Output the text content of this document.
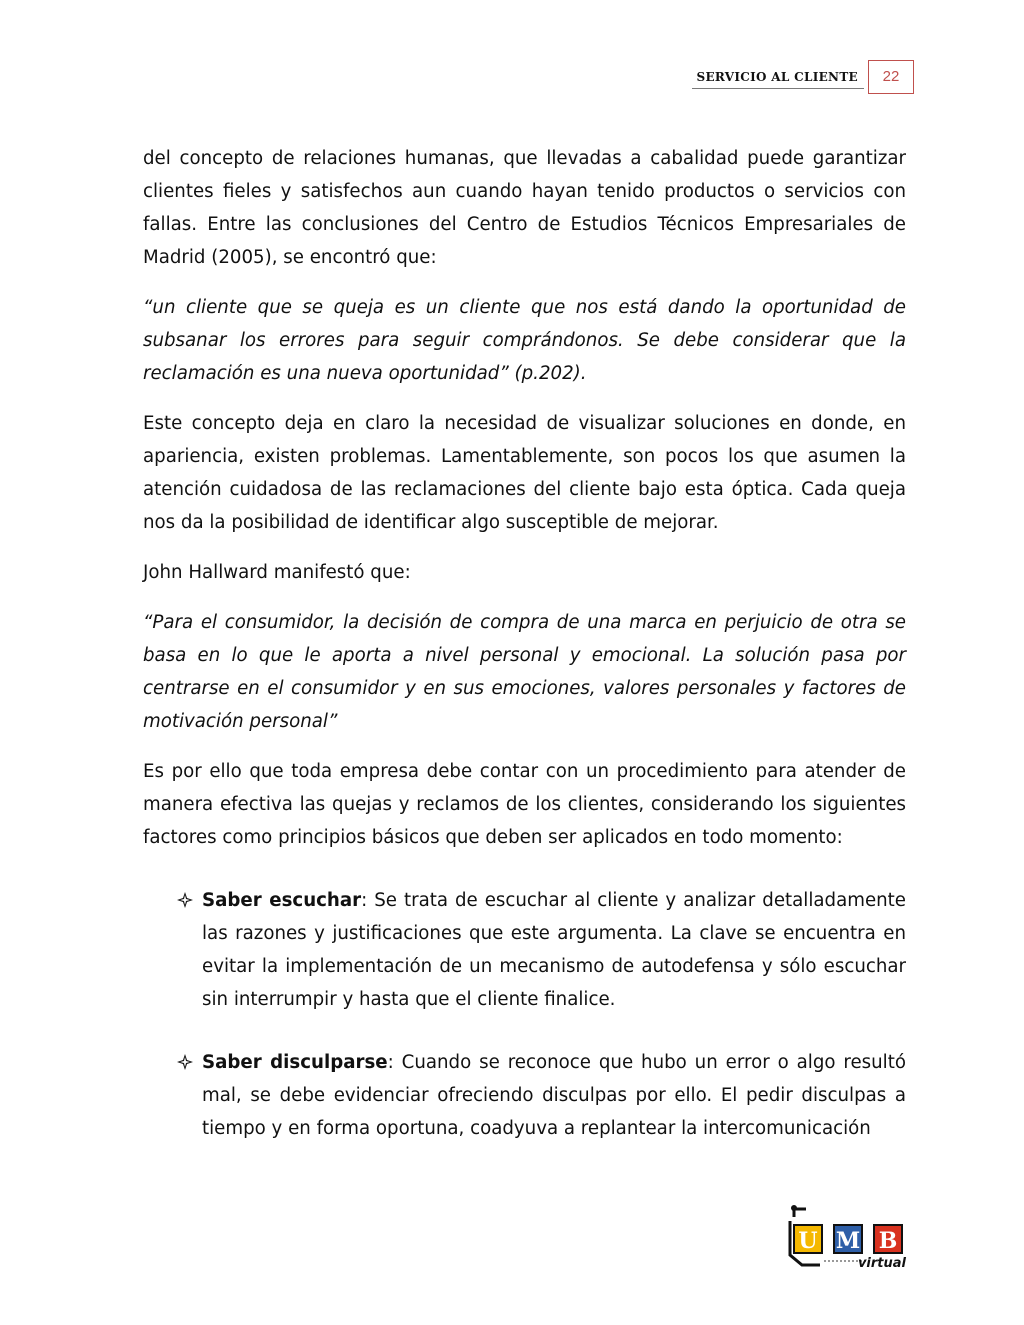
SERVICIO AL CLIENTE	22

del concepto de relaciones humanas, que llevadas a cabalidad puede garantizar clientes fieles y satisfechos aun cuando hayan tenido productos o servicios con fallas. Entre las conclusiones del Centro de Estudios Técnicos Empresariales de Madrid (2005), se encontró que:

“un cliente que se queja es un cliente que nos está dando la oportunidad de subsanar los errores para seguir comprándonos. Se debe considerar que la reclamación es una nueva oportunidad” (p.202).

Este concepto deja en claro la necesidad de visualizar soluciones en donde, en apariencia, existen problemas. Lamentablemente, son pocos los que asumen la atención cuidadosa de las reclamaciones del cliente bajo esta óptica. Cada queja nos da la posibilidad de identificar algo susceptible de mejorar.

John Hallward manifestó que:

“Para el consumidor, la decisión de compra de una marca en perjuicio de otra se basa en lo que le aporta a nivel personal y emocional. La solución pasa por centrarse en el consumidor y en sus emociones, valores personales y factores de motivación personal”

Es por ello que toda empresa debe contar con un procedimiento para atender de manera efectiva las quejas y reclamos de los clientes, considerando los siguientes factores como principios básicos que deben ser aplicados en todo momento:

Saber escuchar: Se trata de escuchar al cliente y analizar detalladamente las razones y justificaciones que este argumenta. La clave se encuentra en evitar la implementación de un mecanismo de autodefensa y sólo escuchar sin interrumpir y hasta que el cliente finalice.
Saber disculparse: Cuando se reconoce que hubo un error o algo resultó mal, se debe evidenciar ofreciendo disculpas por ello. El pedir disculpas a tiempo y en forma oportuna, coadyuva a replantear la intercomunicación
U M B
virtual
